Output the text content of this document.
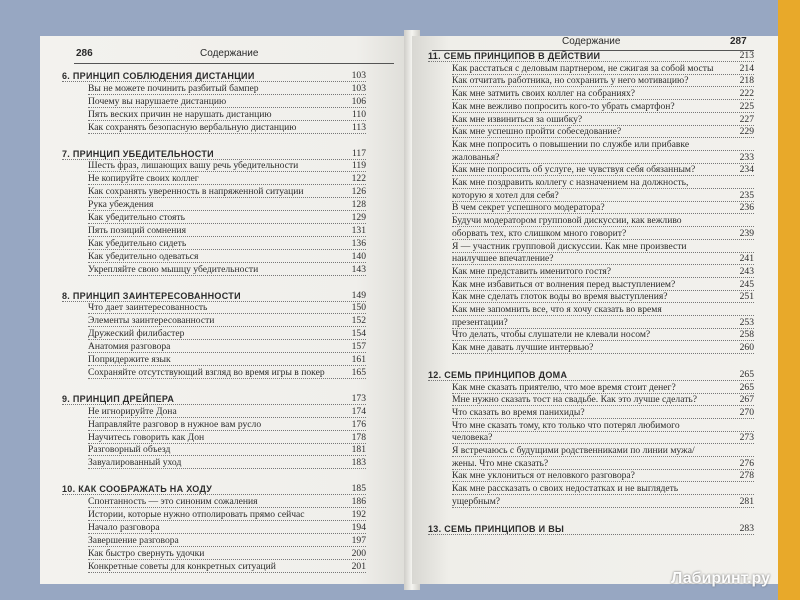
286	Содержание
6. ПРИНЦИП СОБЛЮДЕНИЯ ДИСТАНЦИИ	103
Вы не можете починить разбитый бампер	103
Почему вы нарушаете дистанцию	106
Пять веских причин не нарушать дистанцию	110
Как сохранять безопасную вербальную дистанцию	113
7. ПРИНЦИП УБЕДИТЕЛЬНОСТИ	117
Шесть фраз, лишающих вашу речь убедительности	119
Не копируйте своих коллег	122
Как сохранять уверенность в напряженной ситуации	126
Рука убеждения	128
Как убедительно стоять	129
Пять позиций сомнения	131
Как убедительно сидеть	136
Как убедительно одеваться	140
Укрепляйте свою мышцу убедительности	143
8. ПРИНЦИП ЗАИНТЕРЕСОВАННОСТИ	149
Что дает заинтересованность	150
Элементы заинтересованности	152
Дружеский филибастер	154
Анатомия разговора	157
Попридержите язык	161
Сохраняйте отсутствующий взгляд во время игры в покер	165
9. ПРИНЦИП ДРЕЙПЕРА	173
Не игнорируйте Дона	174
Направляйте разговор в нужное вам русло	176
Научитесь говорить как Дон	178
Разговорный объезд	181
Завуалированный уход	183
10. КАК СООБРАЖАТЬ НА ХОДУ	185
Спонтанность — это синоним сожаления	186
Истории, которые нужно отполировать прямо сейчас	192
Начало разговора	194
Завершение разговора	197
Как быстро свернуть удочки	200
Конкретные советы для конкретных ситуаций	201
Содержание	287
11. СЕМЬ ПРИНЦИПОВ В ДЕЙСТВИИ	213
Как расстаться с деловым партнером, не сжигая за собой мосты	214
Как отчитать работника, но сохранить у него мотивацию?	218
Как мне затмить своих коллег на собраниях?	222
Как мне вежливо попросить кого-то убрать смартфон?	225
Как мне извиниться за ошибку?	227
Как мне успешно пройти собеседование?	229
Как мне попросить о повышении по службе или прибавке
жалованья?	233
Как мне попросить об услуге, не чувствуя себя обязанным?	234
Как мне поздравить коллегу с назначением на должность,
которую я хотел для себя?	235
В чем секрет успешного модератора?	236
Будучи модератором групповой дискуссии, как вежливо
оборвать тех, кто слишком много говорит?	239
Я — участник групповой дискуссии. Как мне произвести
наилучшее впечатление?	241
Как мне представить именитого гостя?	243
Как мне избавиться от волнения перед выступлением?	245
Как мне сделать глоток воды во время выступления?	251
Как мне запомнить все, что я хочу сказать во время
презентации?	253
Что делать, чтобы слушатели не клевали носом?	258
Как мне давать лучшие интервью?	260
12. СЕМЬ ПРИНЦИПОВ ДОМА	265
Как мне сказать приятелю, что мое время стоит денег?	265
Мне нужно сказать тост на свадьбе. Как это лучше сделать?	267
Что сказать во время панихиды?	270
Что мне сказать тому, кто только что потерял любимого
человека?	273
Я встречаюсь с будущими родственниками по линии мужа/
жены. Что мне сказать?	276
Как мне уклониться от неловкого разговора?	278
Как мне рассказать о своих недостатках и не выглядеть
ущербным?	281
13. СЕМЬ ПРИНЦИПОВ И ВЫ	283
Лабиринт.ру
